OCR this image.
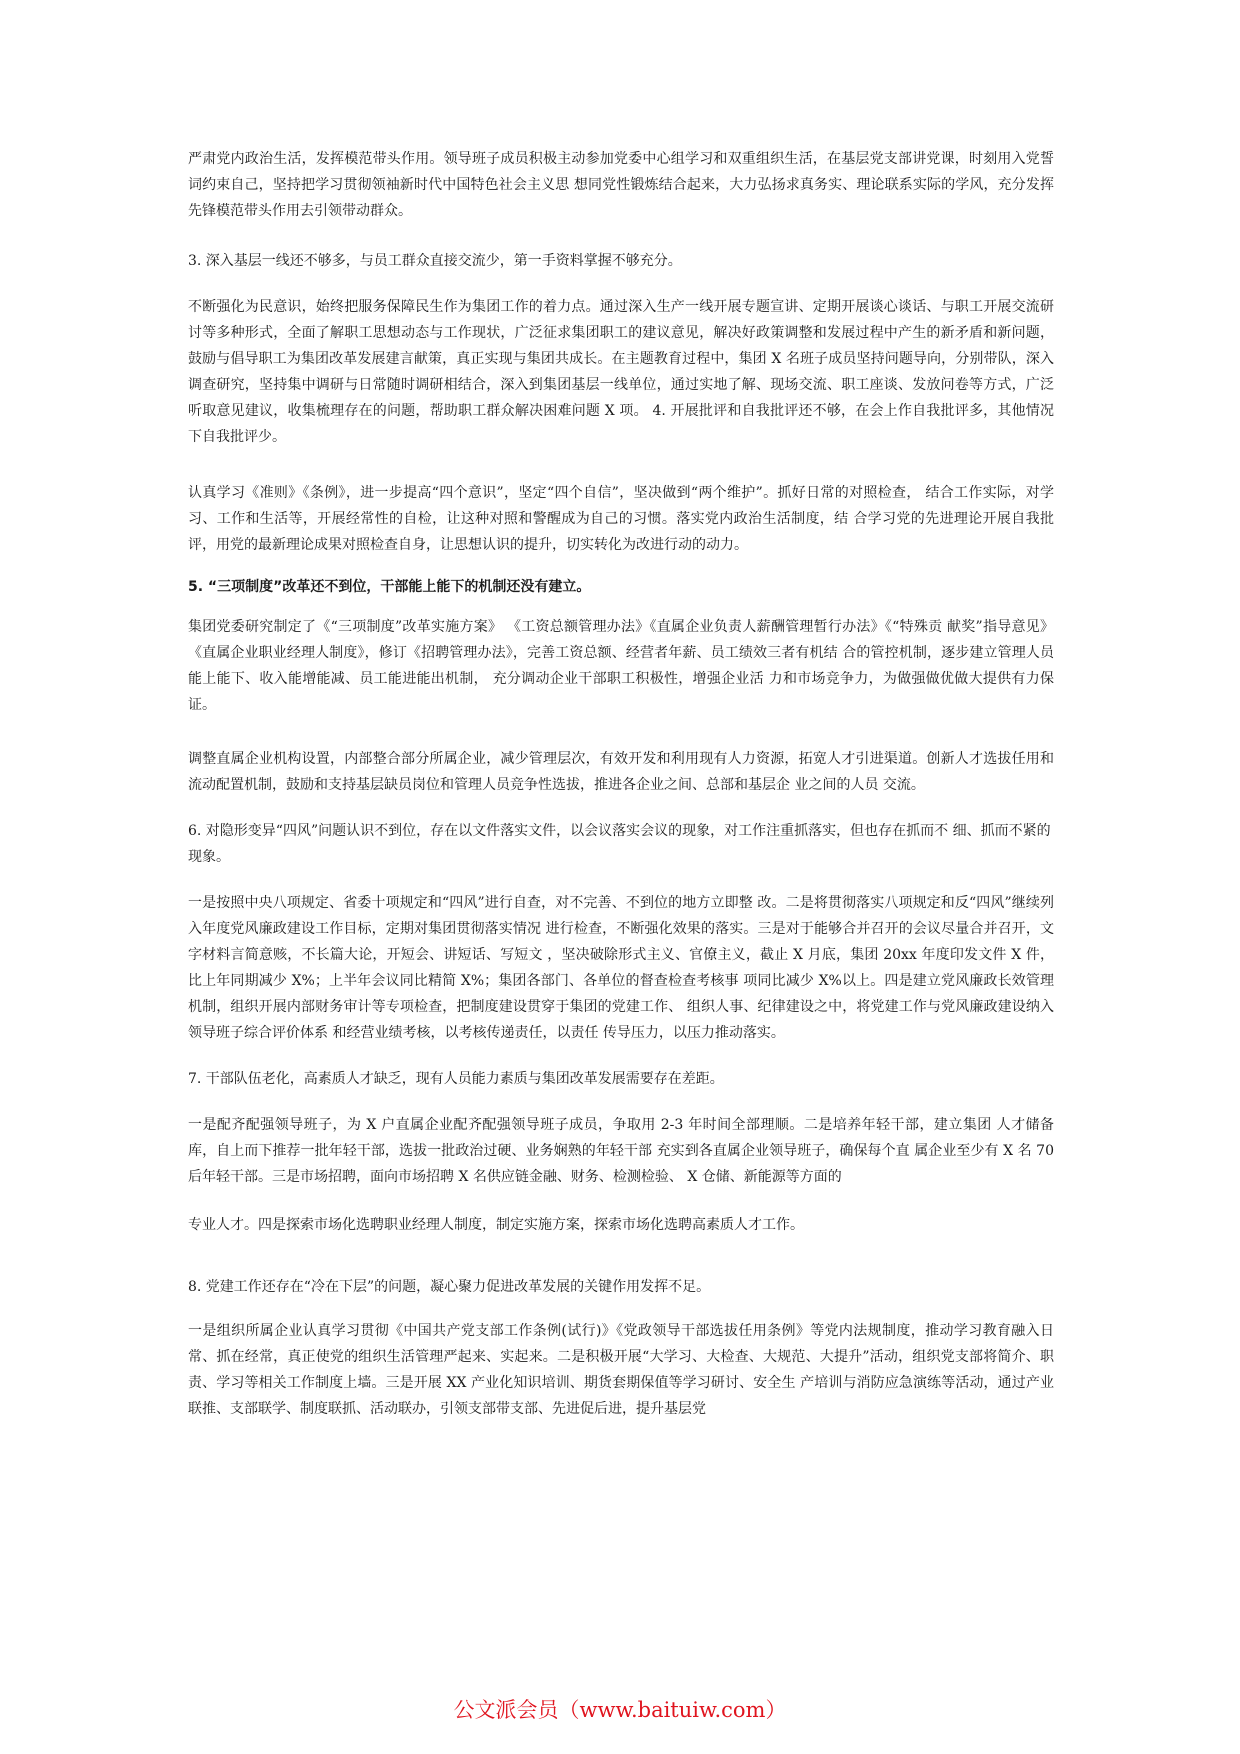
严肃党内政治生活，发挥模范带头作用。领导班子成员积极主动参加党委中心组学习和双重组织生活，在基层党支部讲党课，时刻用入党誓词约束自己，坚持把学习贯彻领袖新时代中国特色社会主义思 想同党性锻炼结合起来，大力弘扬求真务实、理论联系实际的学风，充分发挥先锋模范带头作用去引领带动群众。

3. 深入基层一线还不够多，与员工群众直接交流少，第一手资料掌握不够充分。

不断强化为民意识，始终把服务保障民生作为集团工作的着力点。通过深入生产一线开展专题宣讲、定期开展谈心谈话、与职工开展交流研讨等多种形式，全面了解职工思想动态与工作现状，广泛征求集团职工的建议意见，解决好政策调整和发展过程中产生的新矛盾和新问题，鼓励与倡导职工为集团改革发展建言献策，真正实现与集团共成长。在主题教育过程中，集团 X 名班子成员坚持问题导向，分别带队，深入调查研究，坚持集中调研与日常随时调研相结合，深入到集团基层一线单位，通过实地了解、现场交流、职工座谈、发放问卷等方式，广泛听取意见建议，收集梳理存在的问题，帮助职工群众解决困难问题 X 项。 4. 开展批评和自我批评还不够，在会上作自我批评多，其他情况下自我批评少。

认真学习《准则》《条例》，进一步提高“四个意识”，坚定“四个自信”，坚决做到“两个维护”。抓好日常的对照检查， 结合工作实际，对学习、工作和生活等，开展经常性的自检，让这种对照和警醒成为自己的习惯。落实党内政治生活制度，结 合学习党的先进理论开展自我批评，用党的最新理论成果对照检查自身，让思想认识的提升，切实转化为改进行动的动力。

5. “三项制度”改革还不到位，干部能上能下的机制还没有建立。

集团党委研究制定了《“三项制度”改革实施方案》 《工资总额管理办法》《直属企业负责人薪酬管理暂行办法》《“特殊贡 献奖”指导意见》《直属企业职业经理人制度》，修订《招聘管理办法》，完善工资总额、经营者年薪、员工绩效三者有机结 合的管控机制，逐步建立管理人员能上能下、收入能增能减、员工能进能出机制， 充分调动企业干部职工积极性，增强企业活 力和市场竞争力，为做强做优做大提供有力保证。

调整直属企业机构设置，内部整合部分所属企业，减少管理层次，有效开发和利用现有人力资源，拓宽人才引进渠道。创新人才选拔任用和流动配置机制，鼓励和支持基层缺员岗位和管理人员竞争性选拔，推进各企业之间、总部和基层企 业之间的人员 交流。

6. 对隐形变异“四风”问题认识不到位，存在以文件落实文件，以会议落实会议的现象，对工作注重抓落实，但也存在抓而不 细、抓而不紧的现象。

一是按照中央八项规定、省委十项规定和“四风”进行自查，对不完善、不到位的地方立即整 改。二是将贯彻落实八项规定和反“四风”继续列入年度党风廉政建设工作目标，定期对集团贯彻落实情况 进行检查，不断强化效果的落实。三是对于能够合并召开的会议尽量合并召开，文字材料言简意赅，不长篇大论，开短会、讲短话、写短文 ，坚决破除形式主义、官僚主义，截止 X 月底，集团 20xx 年度印发文件 X 件， 比上年同期减少 X%；上半年会议同比精简 X%；集团各部门、各单位的督查检查考核事 项同比减少 X%以上。四是建立党风廉政长效管理机制，组织开展内部财务审计等专项检查，把制度建设贯穿于集团的党建工作、 组织人事、纪律建设之中，将党建工作与党风廉政建设纳入领导班子综合评价体系 和经营业绩考核，以考核传递责任，以责任 传导压力，以压力推动落实。

7. 干部队伍老化，高素质人才缺乏，现有人员能力素质与集团改革发展需要存在差距。

一是配齐配强领导班子，为 X 户直属企业配齐配强领导班子成员，争取用 2-3 年时间全部理顺。二是培养年轻干部，建立集团 人才储备库，自上而下推荐一批年轻干部，选拔一批政治过硬、业务娴熟的年轻干部 充实到各直属企业领导班子，确保每个直 属企业至少有 X 名 70 后年轻干部。三是市场招聘，面向市场招聘 X 名供应链金融、财务、检测检验、 X 仓储、新能源等方面的

专业人才。四是探索市场化选聘职业经理人制度，制定实施方案，探索市场化选聘高素质人才工作。

8. 党建工作还存在“冷在下层”的问题，凝心聚力促进改革发展的关键作用发挥不足。

一是组织所属企业认真学习贯彻《中国共产党支部工作条例(试行)》《党政领导干部选拔任用条例》等党内法规制度，推动学习教育融入日常、抓在经常，真正使党的组织生活管理严起来、实起来。二是积极开展“大学习、大检查、大规范、大提升”活动，组织党支部将简介、职责、学习等相关工作制度上墙。三是开展 XX 产业化知识培训、期货套期保值等学习研讨、安全生 产培训与消防应急演练等活动，通过产业联推、支部联学、制度联抓、活动联办，引领支部带支部、先进促后进，提升基层党

公文派会员（www.baituiw.com）
